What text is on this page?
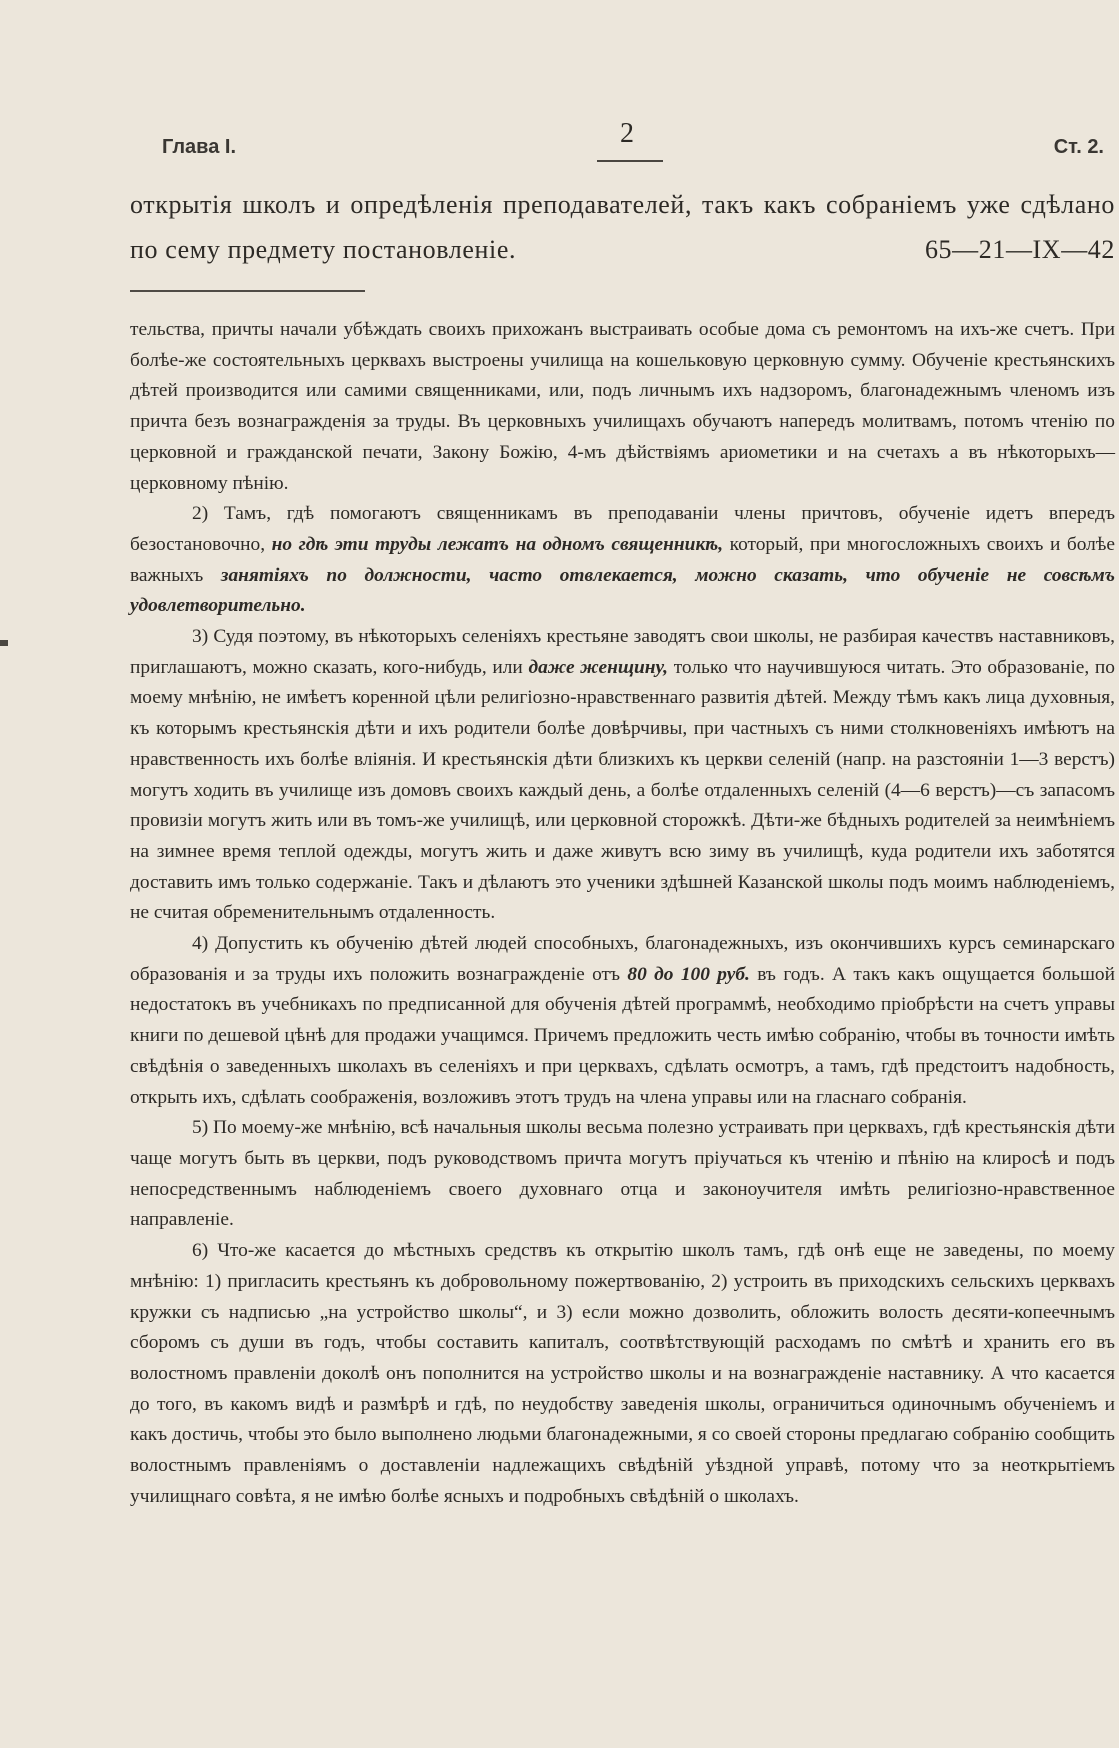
Глава I.	2	Ст. 2.
открытія школъ и опредѣленія преподавателей, такъ какъ собраніемъ уже сдѣлано по сему предмету постановленіе.	65—21—IX—42

тельства, причты начали убѣждать своихъ прихожанъ выстраивать особые дома съ ремонтомъ на ихъ-же счетъ. При болѣе-же состоятельныхъ церквахъ выстроены училища на кошельковую церковную сумму. Обученіе крестьянскихъ дѣтей производится или самими священниками, или, подъ личнымъ ихъ надзоромъ, благонадежнымъ членомъ изъ причта безъ вознагражденія за труды. Въ церковныхъ училищахъ обучаютъ напередъ молитвамъ, потомъ чтенію по церковной и гражданской печати, Закону Божію, 4-мъ дѣйствіямъ ариометики и на счетахъ а въ нѣкоторыхъ—церковному пѣнію.

2) Тамъ, гдѣ помогаютъ священникамъ въ преподаваніи члены причтовъ, обученіе идетъ впередъ безостановочно, но гдѣ эти труды лежатъ на одномъ священникѣ, который, при многосложныхъ своихъ и болѣе важныхъ занятіяхъ по должности, часто отвлекается, можно сказать, что обученіе не совсѣмъ удовлетворительно.

3) Судя поэтому, въ нѣкоторыхъ селеніяхъ крестьяне заводятъ свои школы, не разбирая качествъ наставниковъ, приглашаютъ, можно сказать, кого-нибудь, или даже женщину, только что научившуюся читать. Это образованіе, по моему мнѣнію, не имѣетъ коренной цѣли религіозно-нравственнаго развитія дѣтей. Между тѣмъ какъ лица духовныя, къ которымъ крестьянскія дѣти и ихъ родители болѣе довѣрчивы, при частныхъ съ ними столкновеніяхъ имѣютъ на нравственность ихъ болѣе вліянія. И крестьянскія дѣти близкихъ къ церкви селеній (напр. на разстояніи 1—3 верстъ) могутъ ходить въ училище изъ домовъ своихъ каждый день, а болѣе отдаленныхъ селеній (4—6 верстъ)—съ запасомъ провизіи могутъ жить или въ томъ-же училищѣ, или церковной сторожкѣ. Дѣти-же бѣдныхъ родителей за неимѣніемъ на зимнее время теплой одежды, могутъ жить и даже живутъ всю зиму въ училищѣ, куда родители ихъ заботятся доставить имъ только содержаніе. Такъ и дѣлаютъ это ученики здѣшней Казанской школы подъ моимъ наблюденіемъ, не считая обременительнымъ отдаленность.

4) Допустить къ обученію дѣтей людей способныхъ, благонадежныхъ, изъ окончившихъ курсъ семинарскаго образованія и за труды ихъ положить вознагражденіе отъ 80 до 100 руб. въ годъ. А такъ какъ ощущается большой недостатокъ въ учебникахъ по предписанной для обученія дѣтей программѣ, необходимо пріобрѣсти на счетъ управы книги по дешевой цѣнѣ для продажи учащимся. Причемъ предложить честь имѣю собранію, чтобы въ точности имѣть свѣдѣнія о заведенныхъ школахъ въ селеніяхъ и при церквахъ, сдѣлать осмотръ, а тамъ, гдѣ предстоитъ надобность, открыть ихъ, сдѣлать соображенія, возложивъ этотъ трудъ на члена управы или на гласнаго собранія.

5) По моему-же мнѣнію, всѣ начальныя школы весьма полезно устраивать при церквахъ, гдѣ крестьянскія дѣти чаще могутъ быть въ церкви, подъ руководствомъ причта могутъ пріучаться къ чтенію и пѣнію на клиросѣ и подъ непосредственнымъ наблюденіемъ своего духовнаго отца и законоучителя имѣть религіозно-нравственное направленіе.

6) Что-же касается до мѣстныхъ средствъ къ открытію школъ тамъ, гдѣ онѣ еще не заведены, по моему мнѣнію: 1) пригласить крестьянъ къ добровольному пожертвованію, 2) устроить въ приходскихъ сельскихъ церквахъ кружки съ надписью „на устройство школы“, и 3) если можно дозволить, обложить волость десяти-копеечнымъ сборомъ съ души въ годъ, чтобы составить капиталъ, соотвѣтствующій расходамъ по смѣтѣ и хранить его въ волостномъ правленіи доколѣ онъ пополнится на устройство школы и на вознагражденіе наставнику. А что касается до того, въ какомъ видѣ и размѣрѣ и гдѣ, по неудобству заведенія школы, ограничиться одиночнымъ обученіемъ и какъ достичь, чтобы это было выполнено людьми благонадежными, я со своей стороны предлагаю собранію сообщить волостнымъ правленіямъ о доставленіи надлежащихъ свѣдѣній уѣздной управѣ, потому что за неоткрытіемъ училищнаго совѣта, я не имѣю болѣе ясныхъ и подробныхъ свѣдѣній о школахъ.
